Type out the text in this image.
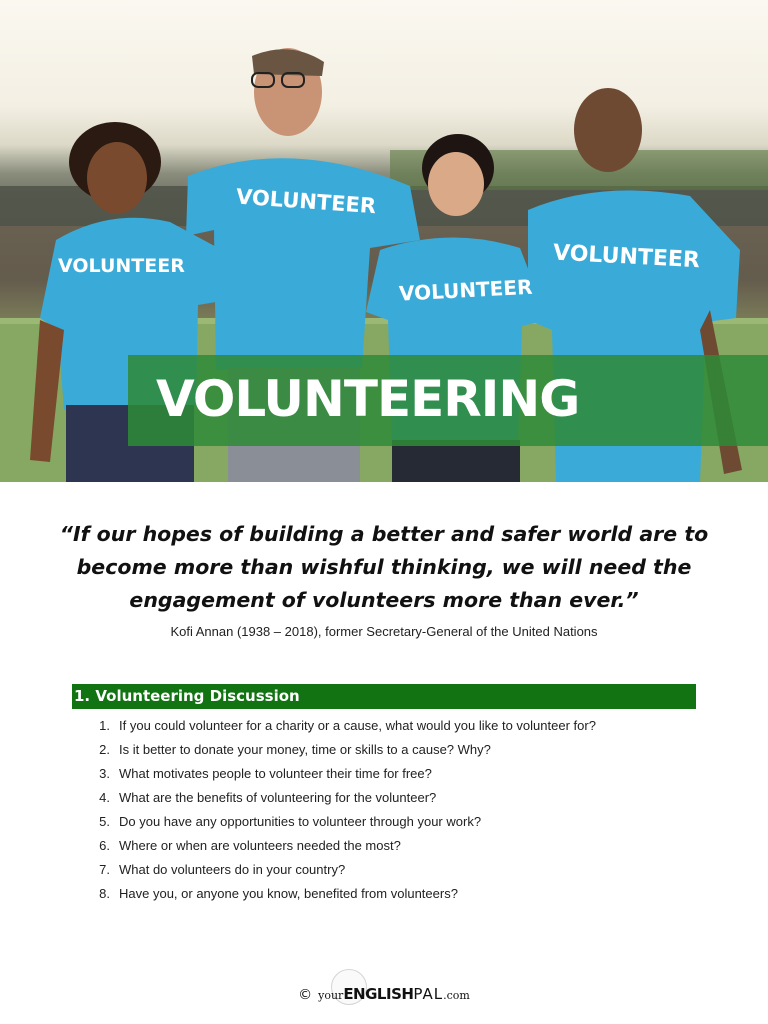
VOLUNTEER	VOLUNTEER
VOLUNTEER
VOLUNTEER
VOLUNTEERING
“If our hopes of building a better and safer world are to become more than wishful thinking, we will need the engagement of volunteers more than ever.”
Kofi Annan (1938 – 2018), former Secretary-General of the United Nations
1. Volunteering Discussion
1. If you could volunteer for a charity or a cause, what would you like to volunteer for?
2. Is it better to donate your money, time or skills to a cause? Why?
3. What motivates people to volunteer their time for free?
4. What are the benefits of volunteering for the volunteer?
5. Do you have any opportunities to volunteer through your work?
6. Where or when are volunteers needed the most?
7. What do volunteers do in your country?
8. Have you, or anyone you know, benefited from volunteers?
© yourENGLISHPAL.com
